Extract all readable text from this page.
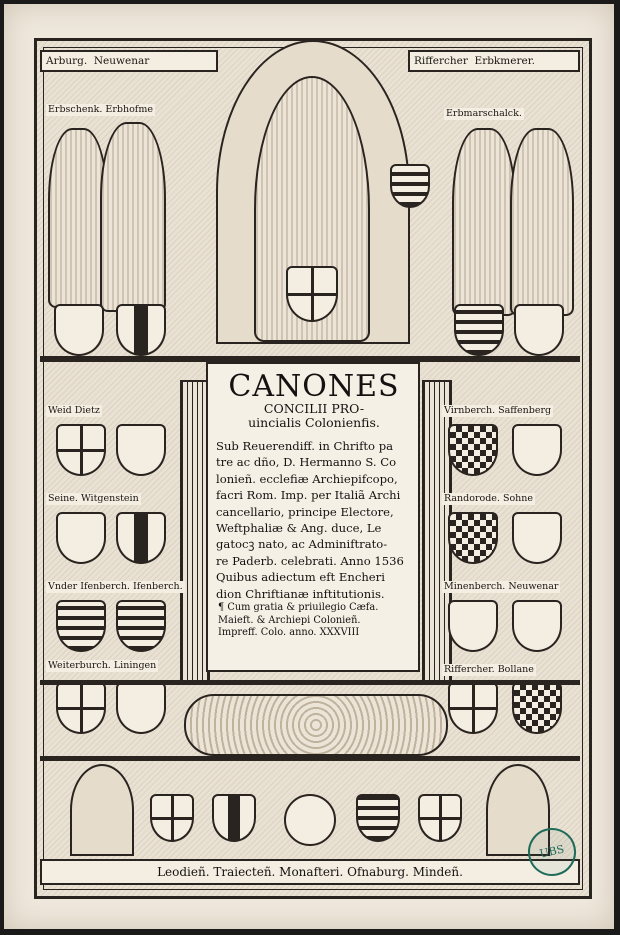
Arburg. Neuwenar	Riffercher Erbkmerer.
Erbschenk. Erbhofme	Erbmarschalck.
Weid Dietz	Virnberch. Saffenberg
Seine. Witgenstein	Randorode. Sohne
Vnder Ifenberch. Ifenberch.	Minenberch. Neuwenar
Weiterburch. Liningen	Riffercher. Bollane
CANONES
CONCILII PRO-
uincialis Colonienfis.
Sub Reuerendiff. in Chrifto pa
tre ac dño, D. Hermanno S. Co
lonieñ. ecclefiæ Archiepifcopo,
facri Rom. Imp. per Italiã Archi
cancellario, principe Electore,
Weftphaliæ & Ang. duce, Le
gatocꝫ nato, ac Adminiftrato-
re Paderb. celebrati. Anno 1536
Quibus adiectum eft Encheri
dion Chriftianæ inftitutionis.
¶ Cum gratia & priuilegio Cæfa.
Maieft. & Archiepi Colonieñ.
Impreff. Colo. anno. XXXVIII
Leodieñ. Traiecteñ. Monafteri. Ofnaburg. Mindeñ.
UBS
